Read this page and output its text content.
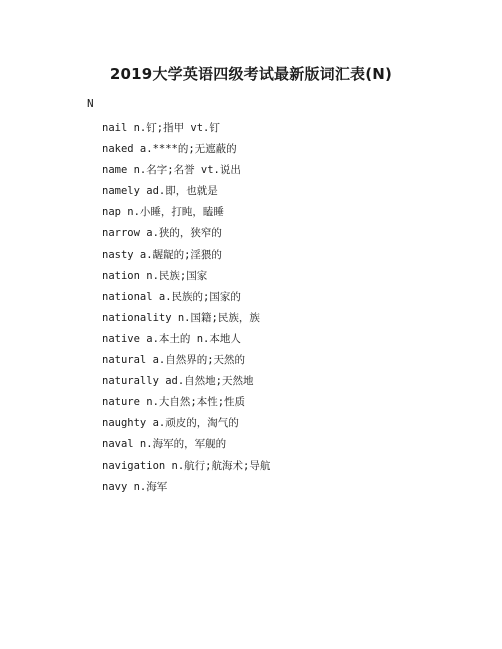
2019大学英语四级考试最新版词汇表(N)
N
nail n.钉;指甲 vt.钉
naked a.****的;无遮蔽的
name n.名字;名誉 vt.说出
namely ad.即，也就是
nap n.小睡，打盹，瞌睡
narrow a.狭的，狭窄的
nasty a.龌龊的;淫猥的
nation n.民族;国家
national a.民族的;国家的
nationality n.国籍;民族，族
native a.本土的 n.本地人
natural a.自然界的;天然的
naturally ad.自然地;天然地
nature n.大自然;本性;性质
naughty a.顽皮的，淘气的
naval n.海军的，军舰的
navigation n.航行;航海术;导航
navy n.海军
